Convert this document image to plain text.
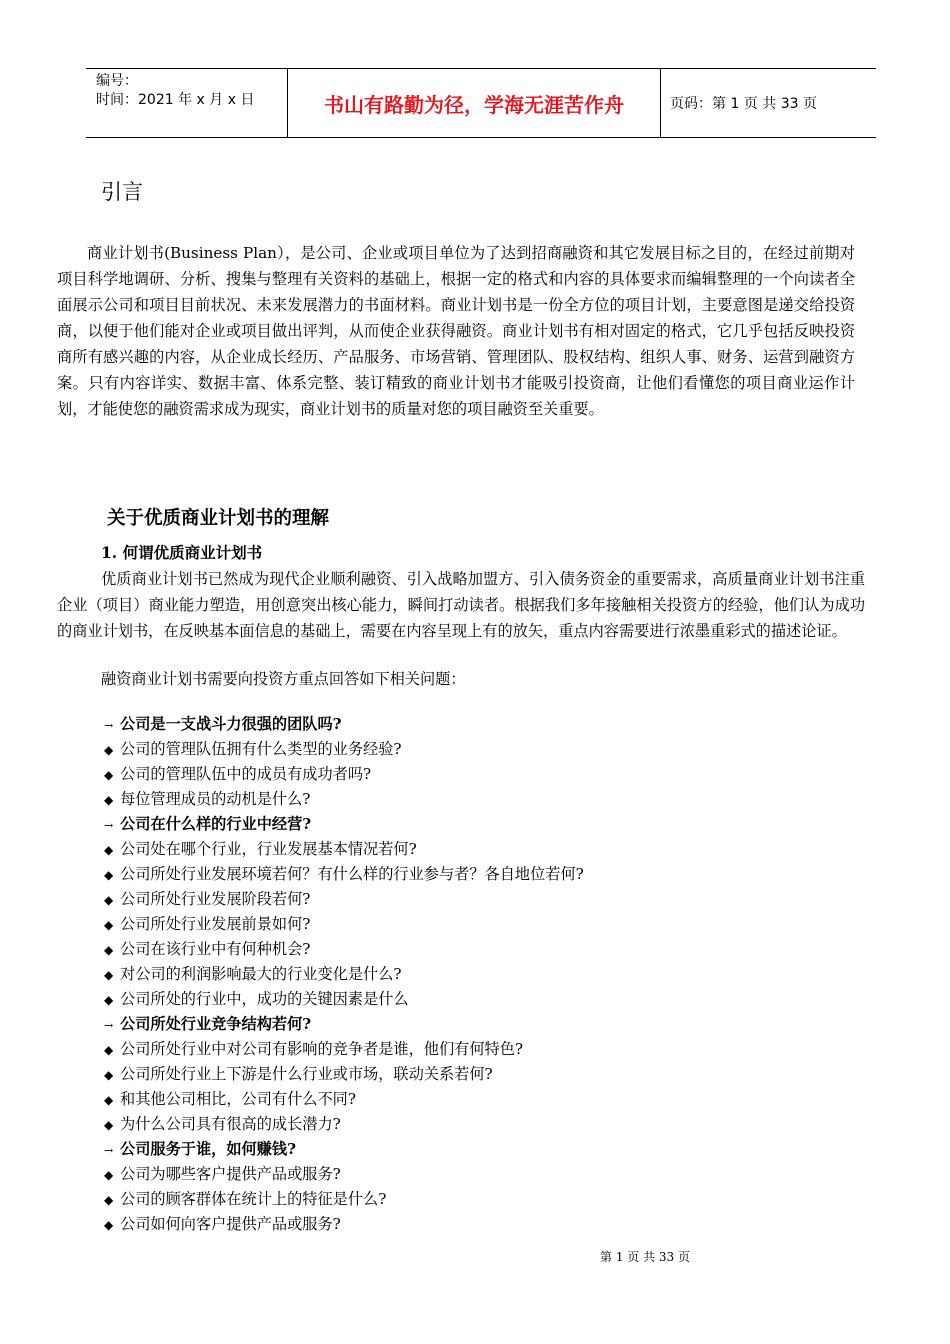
编号：
时间：2021 年 x 月 x 日	书山有路勤为径，学海无涯苦作舟	页码：第 1 页 共 33 页
引言
商业计划书(Business Plan），是公司、企业或项目单位为了达到招商融资和其它发展目标之目的，在经过前期对项目科学地调研、分析、搜集与整理有关资料的基础上，根据一定的格式和内容的具体要求而编辑整理的一个向读者全面展示公司和项目目前状况、未来发展潜力的书面材料。商业计划书是一份全方位的项目计划，主要意图是递交给投资商，以便于他们能对企业或项目做出评判，从而使企业获得融资。商业计划书有相对固定的格式，它几乎包括反映投资商所有感兴趣的内容，从企业成长经历、产品服务、市场营销、管理团队、股权结构、组织人事、财务、运营到融资方案。只有内容详实、数据丰富、体系完整、装订精致的商业计划书才能吸引投资商，让他们看懂您的项目商业运作计划，才能使您的融资需求成为现实，商业计划书的质量对您的项目融资至关重要。
关于优质商业计划书的理解
1. 何谓优质商业计划书
优质商业计划书已然成为现代企业顺利融资、引入战略加盟方、引入债务资金的重要需求，高质量商业计划书注重企业（项目）商业能力塑造，用创意突出核心能力，瞬间打动读者。根据我们多年接触相关投资方的经验，他们认为成功的商业计划书，在反映基本面信息的基础上，需要在内容呈现上有的放矢，重点内容需要进行浓墨重彩式的描述论证。
融资商业计划书需要向投资方重点回答如下相关问题：
→ 公司是一支战斗力很强的团队吗?
◆ 公司的管理队伍拥有什么类型的业务经验?
◆ 公司的管理队伍中的成员有成功者吗?
◆ 每位管理成员的动机是什么?
→ 公司在什么样的行业中经营?
◆ 公司处在哪个行业，行业发展基本情况若何?
◆ 公司所处行业发展环境若何？有什么样的行业参与者？各自地位若何?
◆ 公司所处行业发展阶段若何?
◆ 公司所处行业发展前景如何?
◆ 公司在该行业中有何种机会?
◆ 对公司的利润影响最大的行业变化是什么?
◆ 公司所处的行业中，成功的关键因素是什么
→ 公司所处行业竞争结构若何?
◆ 公司所处行业中对公司有影响的竞争者是谁，他们有何特色?
◆ 公司所处行业上下游是什么行业或市场，联动关系若何?
◆ 和其他公司相比，公司有什么不同?
◆ 为什么公司具有很高的成长潜力?
→ 公司服务于谁，如何赚钱?
◆ 公司为哪些客户提供产品或服务?
◆ 公司的顾客群体在统计上的特征是什么?
◆ 公司如何向客户提供产品或服务?
第 1 页 共 33 页
